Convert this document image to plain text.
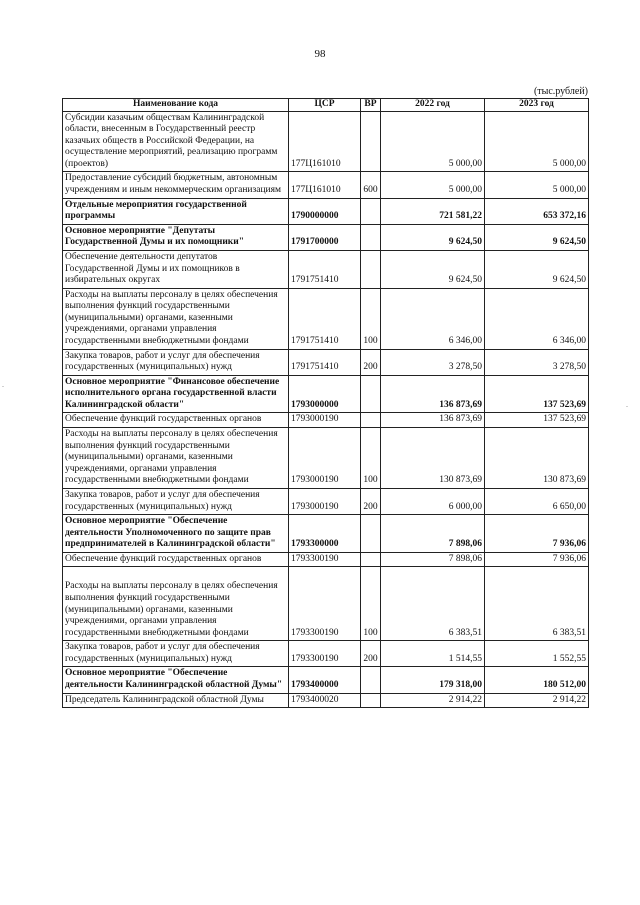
98
(тыс.рублей)
Наименование кода	ЦСР	ВР	2022 год	2023 год
Субсидии казачьим обществам Калининградской области, внесенным в Государственный реестр казачьих обществ в Российской Федерации, на осуществление мероприятий, реализацию программ (проектов)	177Ц161010		5 000,00	5 000,00
Предоставление субсидий бюджетным, автономным учреждениям и иным некоммерческим организациям	177Ц161010	600	5 000,00	5 000,00
Отдельные мероприятия государственной программы	1790000000		721 581,22	653 372,16
Основное мероприятие "Депутаты Государственной Думы и их помощники"	1791700000		9 624,50	9 624,50
Обеспечение деятельности депутатов Государственной Думы и их помощников в избирательных округах	1791751410		9 624,50	9 624,50
Расходы на выплаты персоналу в целях обеспечения выполнения функций государственными (муниципальными) органами, казенными учреждениями, органами управления государственными внебюджетными фондами	1791751410	100	6 346,00	6 346,00
Закупка товаров, работ и услуг для обеспечения государственных (муниципальных) нужд	1791751410	200	3 278,50	3 278,50
Основное мероприятие "Финансовое обеспечение исполнительного органа государственной власти Калининградской области"	1793000000		136 873,69	137 523,69
Обеспечение функций государственных органов	1793000190		136 873,69	137 523,69
Расходы на выплаты персоналу в целях обеспечения выполнения функций государственными (муниципальными) органами, казенными учреждениями, органами управления государственными внебюджетными фондами	1793000190	100	130 873,69	130 873,69
Закупка товаров, работ и услуг для обеспечения государственных (муниципальных) нужд	1793000190	200	6 000,00	6 650,00
Основное мероприятие "Обеспечение деятельности Уполномоченного по защите прав предпринимателей в Калининградской области"	1793300000		7 898,06	7 936,06
Обеспечение функций государственных органов	1793300190		7 898,06	7 936,06
Расходы на выплаты персоналу в целях обеспечения выполнения функций государственными (муниципальными) органами, казенными учреждениями, органами управления государственными внебюджетными фондами	1793300190	100	6 383,51	6 383,51
Закупка товаров, работ и услуг для обеспечения государственных (муниципальных) нужд	1793300190	200	1 514,55	1 552,55
Основное мероприятие "Обеспечение деятельности Калининградской областной Думы"	1793400000		179 318,00	180 512,00
Председатель Калининградской областной Думы	1793400020		2 914,22	2 914,22
.
.
